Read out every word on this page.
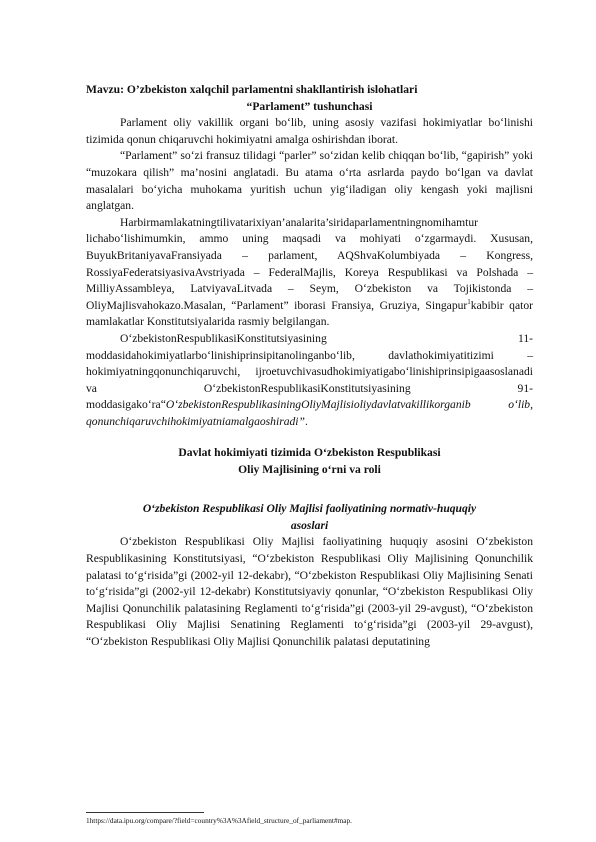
Mavzu: O’zbekiston xalqchil parlamentni shakllantirish islohatlari
“Parlament” tushunchasi

Parlament oliy vakillik organi bo‘lib, uning asosiy vazifasi hokimiyatlar bo‘linishi tizimida qonun chiqaruvchi hokimiyatni amalga oshirishdan iborat.

“Parlament” so‘zi fransuz tilidagi “parler” so‘zidan kelib chiqqan bo‘lib, “gapirish” yoki “muzokara qilish” ma’nosini anglatadi. Bu atama o‘rta asrlarda paydo bo‘lgan va davlat masalalari bo‘yicha muhokama yuritish uchun yig‘iladigan oliy kengash yoki majlisni anglatgan.

Harbirmamlakatningtilivatarixiyan’analarita’siridaparlamentningnomihamtur lichabo‘lishimumkin, ammo uning maqsadi va mohiyati o‘zgarmaydi. Xususan, BuyukBritaniyavaFransiyada – parlament, AQShvaKolumbiyada – Kongress, RossiyaFederatsiyasivaAvstriyada – FederalMajlis, Koreya Respublikasi va Polshada – MilliyAssambleya, LatviyavaLitvada – Seym, O‘zbekiston va Tojikistonda – OliyMajlisvahokazo.Masalan, “Parlament” iborasi Fransiya, Gruziya, Singapur$^1$kabibir qator mamlakatlar Konstitutsiyalarida rasmiy belgilangan.

O‘zbekistonRespublikasiKonstitutsiyasining 11-moddasidahokimiyatlarbo‘linishiprinsipitanolinganbo‘lib, davlathokimiyatitizimi – hokimiyatningqonunchiqaruvchi, ijroetuvchivasudhokimiyatigabo‘linishiprinsipigaasoslanadi va O‘zbekistonRespublikasiKonstitutsiyasining 91-moddasigako‘ra“O‘zbekistonRespublikasiningOliyMajlisioliydavlatvakillikorganib o‘lib, qonunchiqaruvchihokimiyatniamalgaoshiradi”.

Davlat hokimiyati tizimida O‘zbekiston Respublikasi
Oliy Majlisining o‘rni va roli
O‘zbekiston Respublikasi Oliy Majlisi faoliyatining normativ-huquqiy
asoslari

O‘zbekiston Respublikasi Oliy Majlisi faoliyatining huquqiy asosini O‘zbekiston Respublikasining Konstitutsiyasi, “O‘zbekiston Respublikasi Oliy Majlisining Qonunchilik palatasi to‘g‘risida”gi (2002-yil 12-dekabr), “O‘zbekiston Respublikasi Oliy Majlisining Senati to‘g‘risida”gi (2002-yil 12-dekabr) Konstitutsiyaviy qonunlar, “O‘zbekiston Respublikasi Oliy Majlisi Qonunchilik palatasining Reglamenti to‘g‘risida”gi (2003-yil 29-avgust), “O‘zbekiston Respublikasi Oliy Majlisi Senatining Reglamenti to‘g‘risida”gi (2003-yil 29-avgust), “O‘zbekiston Respublikasi Oliy Majlisi Qonunchilik palatasi deputatining

1https://data.ipu.org/compare/?field=country%3A%3Afield_structure_of_parliament#map.
